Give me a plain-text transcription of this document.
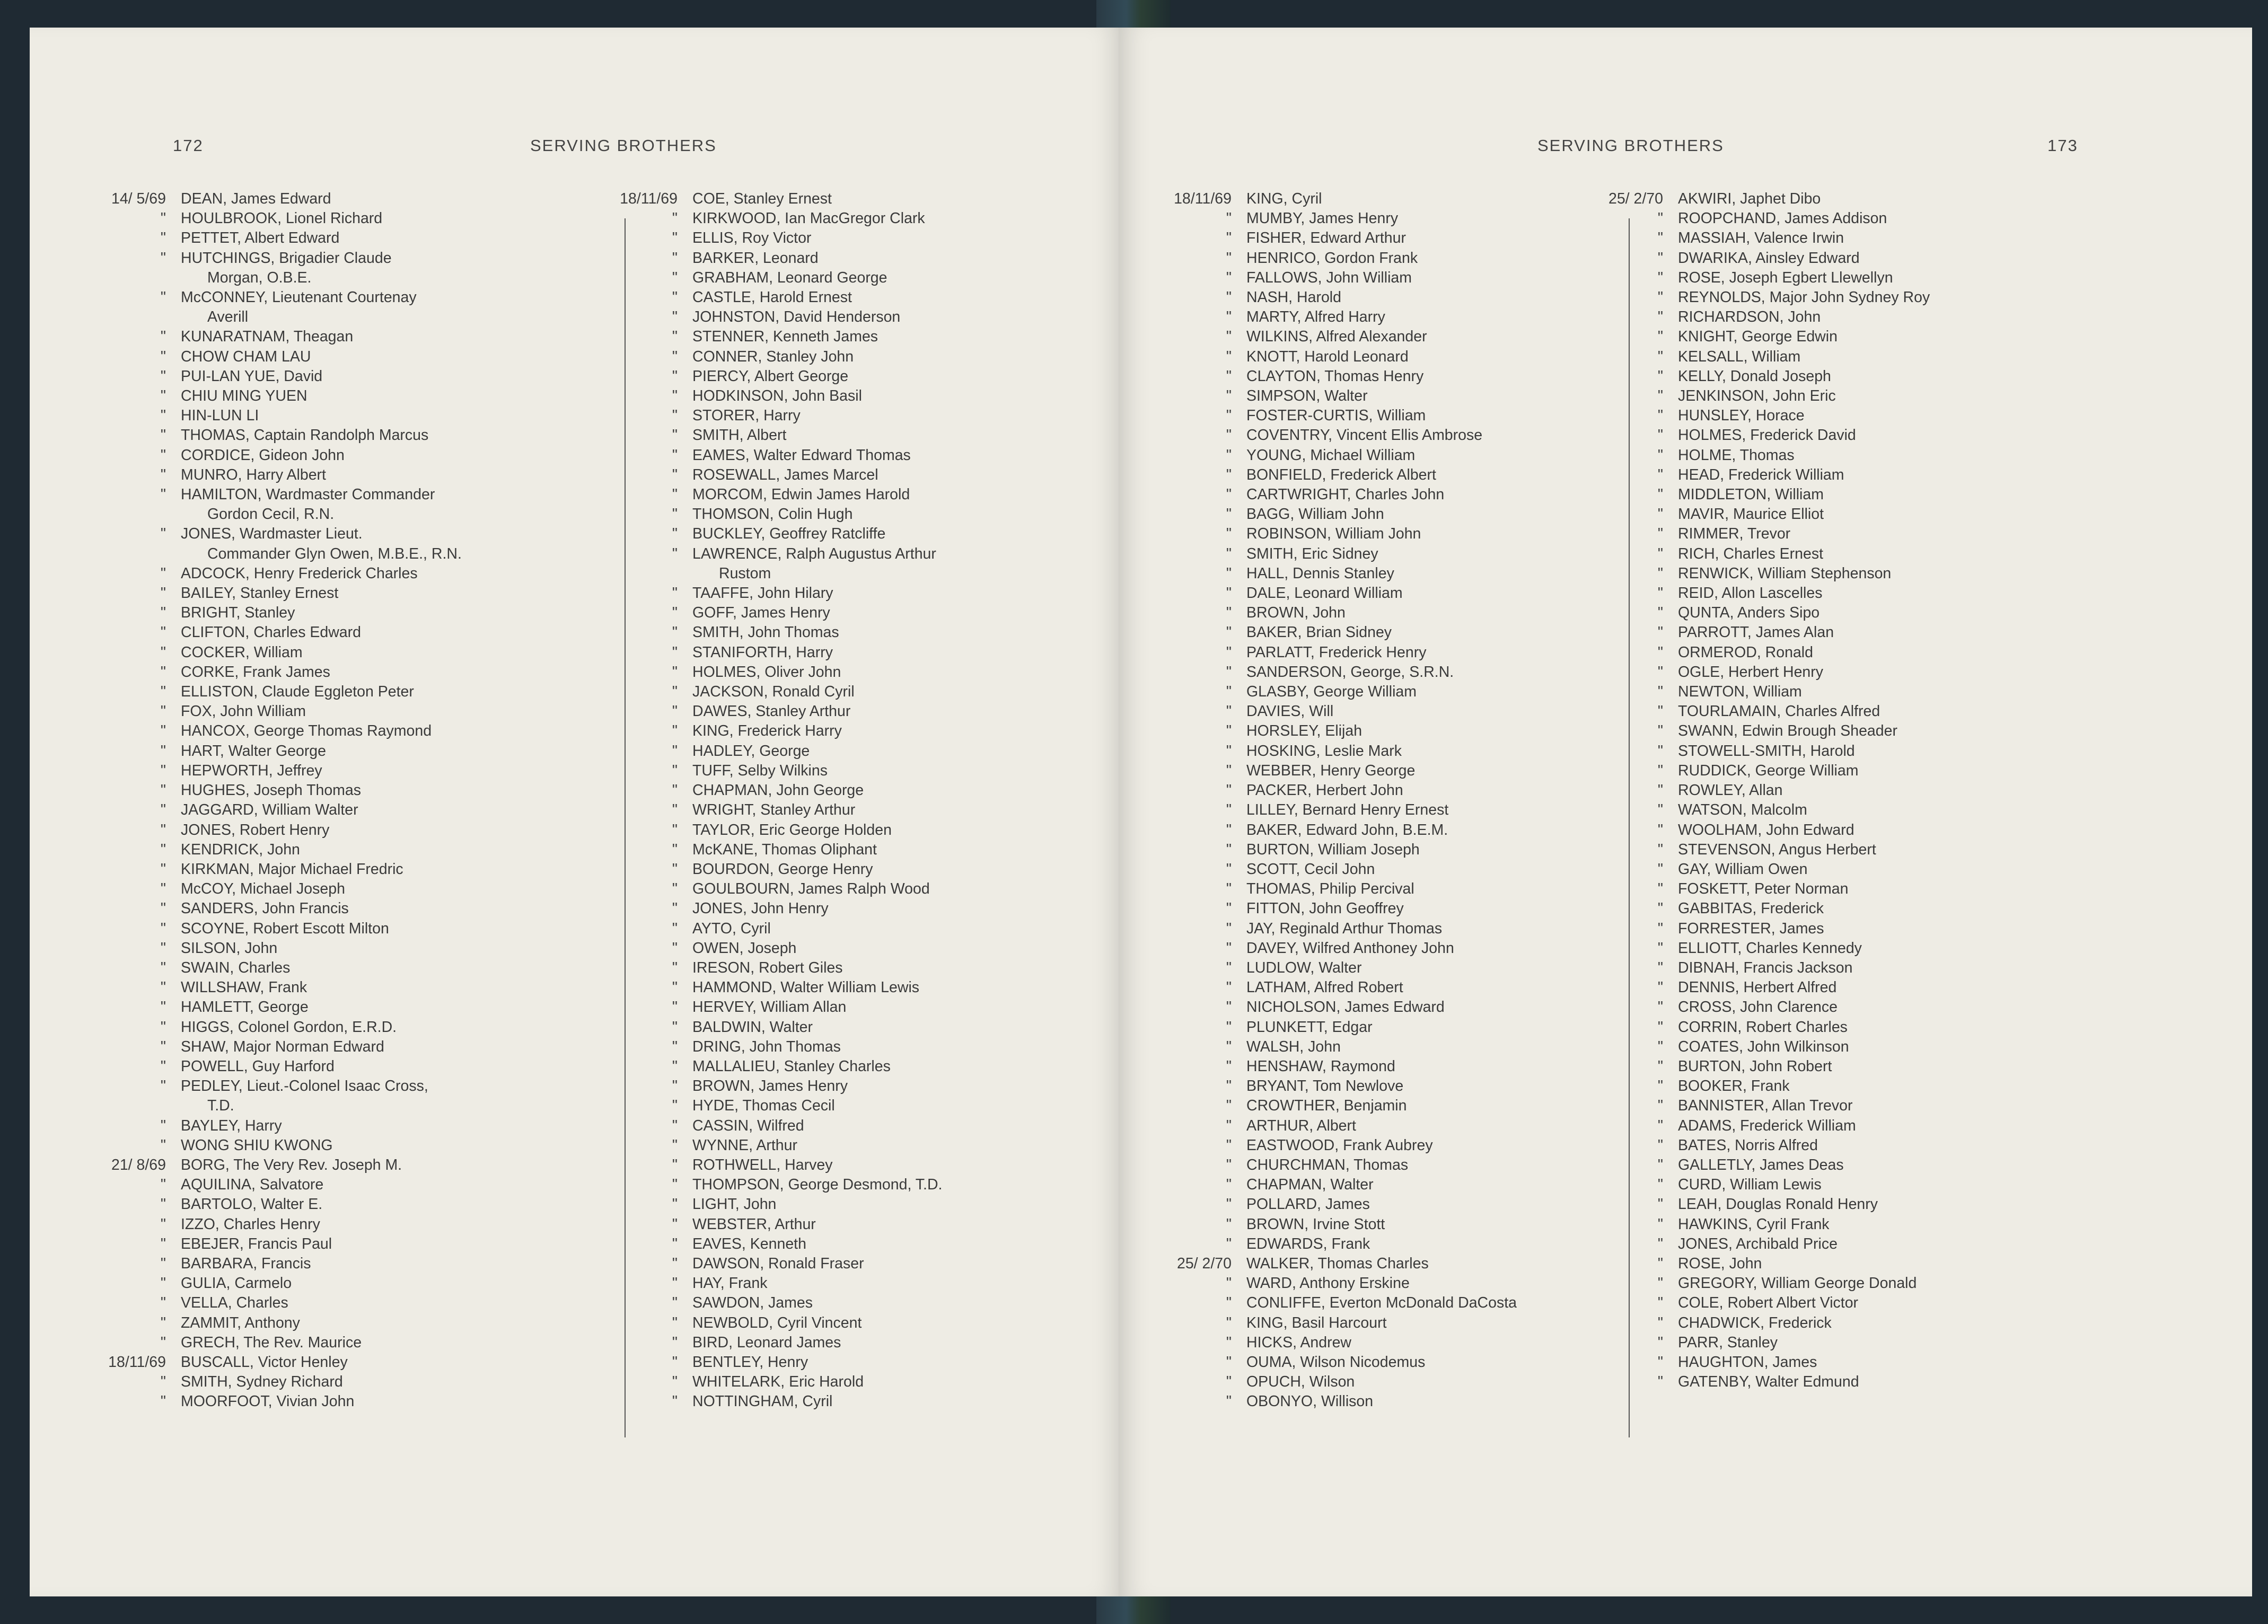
172	SERVING BROTHERS
14/ 5/69 DEAN, James Edward
" HOULBROOK, Lionel Richard
" PETTET, Albert Edward
" HUTCHINGS, Brigadier Claude
Morgan, O.B.E.
" McCONNEY, Lieutenant Courtenay
Averill
" KUNARATNAM, Theagan
" CHOW CHAM LAU
" PUI-LAN YUE, David
" CHIU MING YUEN
" HIN-LUN LI
" THOMAS, Captain Randolph Marcus
" CORDICE, Gideon John
" MUNRO, Harry Albert
" HAMILTON, Wardmaster Commander
Gordon Cecil, R.N.
" JONES, Wardmaster Lieut.
Commander Glyn Owen, M.B.E., R.N.
" ADCOCK, Henry Frederick Charles
" BAILEY, Stanley Ernest
" BRIGHT, Stanley
" CLIFTON, Charles Edward
" COCKER, William
" CORKE, Frank James
" ELLISTON, Claude Eggleton Peter
" FOX, John William
" HANCOX, George Thomas Raymond
" HART, Walter George
" HEPWORTH, Jeffrey
" HUGHES, Joseph Thomas
" JAGGARD, William Walter
" JONES, Robert Henry
" KENDRICK, John
" KIRKMAN, Major Michael Fredric
" McCOY, Michael Joseph
" SANDERS, John Francis
" SCOYNE, Robert Escott Milton
" SILSON, John
" SWAIN, Charles
" WILLSHAW, Frank
" HAMLETT, George
" HIGGS, Colonel Gordon, E.R.D.
" SHAW, Major Norman Edward
" POWELL, Guy Harford
" PEDLEY, Lieut.-Colonel Isaac Cross,
T.D.
" BAYLEY, Harry
" WONG SHIU KWONG
21/ 8/69 BORG, The Very Rev. Joseph M.
" AQUILINA, Salvatore
" BARTOLO, Walter E.
" IZZO, Charles Henry
" EBEJER, Francis Paul
" BARBARA, Francis
" GULIA, Carmelo
" VELLA, Charles
" ZAMMIT, Anthony
" GRECH, The Rev. Maurice
18/11/69 BUSCALL, Victor Henley
" SMITH, Sydney Richard
" MOORFOOT, Vivian John
18/11/69 COE, Stanley Ernest
" KIRKWOOD, Ian MacGregor Clark
" ELLIS, Roy Victor
" BARKER, Leonard
" GRABHAM, Leonard George
" CASTLE, Harold Ernest
" JOHNSTON, David Henderson
" STENNER, Kenneth James
" CONNER, Stanley John
" PIERCY, Albert George
" HODKINSON, John Basil
" STORER, Harry
" SMITH, Albert
" EAMES, Walter Edward Thomas
" ROSEWALL, James Marcel
" MORCOM, Edwin James Harold
" THOMSON, Colin Hugh
" BUCKLEY, Geoffrey Ratcliffe
" LAWRENCE, Ralph Augustus Arthur
Rustom
" TAAFFE, John Hilary
" GOFF, James Henry
" SMITH, John Thomas
" STANIFORTH, Harry
" HOLMES, Oliver John
" JACKSON, Ronald Cyril
" DAWES, Stanley Arthur
" KING, Frederick Harry
" HADLEY, George
" TUFF, Selby Wilkins
" CHAPMAN, John George
" WRIGHT, Stanley Arthur
" TAYLOR, Eric George Holden
" McKANE, Thomas Oliphant
" BOURDON, George Henry
" GOULBOURN, James Ralph Wood
" JONES, John Henry
" AYTO, Cyril
" OWEN, Joseph
" IRESON, Robert Giles
" HAMMOND, Walter William Lewis
" HERVEY, William Allan
" BALDWIN, Walter
" DRING, John Thomas
" MALLALIEU, Stanley Charles
" BROWN, James Henry
" HYDE, Thomas Cecil
" CASSIN, Wilfred
" WYNNE, Arthur
" ROTHWELL, Harvey
" THOMPSON, George Desmond, T.D.
" LIGHT, John
" WEBSTER, Arthur
" EAVES, Kenneth
" DAWSON, Ronald Fraser
" HAY, Frank
" SAWDON, James
" NEWBOLD, Cyril Vincent
" BIRD, Leonard James
" BENTLEY, Henry
" WHITELARK, Eric Harold
" NOTTINGHAM, Cyril
SERVING BROTHERS	173
18/11/69 KING, Cyril
" MUMBY, James Henry
" FISHER, Edward Arthur
" HENRICO, Gordon Frank
" FALLOWS, John William
" NASH, Harold
" MARTY, Alfred Harry
" WILKINS, Alfred Alexander
" KNOTT, Harold Leonard
" CLAYTON, Thomas Henry
" SIMPSON, Walter
" FOSTER-CURTIS, William
" COVENTRY, Vincent Ellis Ambrose
" YOUNG, Michael William
" BONFIELD, Frederick Albert
" CARTWRIGHT, Charles John
" BAGG, William John
" ROBINSON, William John
" SMITH, Eric Sidney
" HALL, Dennis Stanley
" DALE, Leonard William
" BROWN, John
" BAKER, Brian Sidney
" PARLATT, Frederick Henry
" SANDERSON, George, S.R.N.
" GLASBY, George William
" DAVIES, Will
" HORSLEY, Elijah
" HOSKING, Leslie Mark
" WEBBER, Henry George
" PACKER, Herbert John
" LILLEY, Bernard Henry Ernest
" BAKER, Edward John, B.E.M.
" BURTON, William Joseph
" SCOTT, Cecil John
" THOMAS, Philip Percival
" FITTON, John Geoffrey
" JAY, Reginald Arthur Thomas
" DAVEY, Wilfred Anthoney John
" LUDLOW, Walter
" LATHAM, Alfred Robert
" NICHOLSON, James Edward
" PLUNKETT, Edgar
" WALSH, John
" HENSHAW, Raymond
" BRYANT, Tom Newlove
" CROWTHER, Benjamin
" ARTHUR, Albert
" EASTWOOD, Frank Aubrey
" CHURCHMAN, Thomas
" CHAPMAN, Walter
" POLLARD, James
" BROWN, Irvine Stott
" EDWARDS, Frank
25/ 2/70 WALKER, Thomas Charles
" WARD, Anthony Erskine
" CONLIFFE, Everton McDonald DaCosta
" KING, Basil Harcourt
" HICKS, Andrew
" OUMA, Wilson Nicodemus
" OPUCH, Wilson
" OBONYO, Willison
25/ 2/70 AKWIRI, Japhet Dibo
" ROOPCHAND, James Addison
" MASSIAH, Valence Irwin
" DWARIKA, Ainsley Edward
" ROSE, Joseph Egbert Llewellyn
" REYNOLDS, Major John Sydney Roy
" RICHARDSON, John
" KNIGHT, George Edwin
" KELSALL, William
" KELLY, Donald Joseph
" JENKINSON, John Eric
" HUNSLEY, Horace
" HOLMES, Frederick David
" HOLME, Thomas
" HEAD, Frederick William
" MIDDLETON, William
" MAVIR, Maurice Elliot
" RIMMER, Trevor
" RICH, Charles Ernest
" RENWICK, William Stephenson
" REID, Allon Lascelles
" QUNTA, Anders Sipo
" PARROTT, James Alan
" ORMEROD, Ronald
" OGLE, Herbert Henry
" NEWTON, William
" TOURLAMAIN, Charles Alfred
" SWANN, Edwin Brough Sheader
" STOWELL-SMITH, Harold
" RUDDICK, George William
" ROWLEY, Allan
" WATSON, Malcolm
" WOOLHAM, John Edward
" STEVENSON, Angus Herbert
" GAY, William Owen
" FOSKETT, Peter Norman
" GABBITAS, Frederick
" FORRESTER, James
" ELLIOTT, Charles Kennedy
" DIBNAH, Francis Jackson
" DENNIS, Herbert Alfred
" CROSS, John Clarence
" CORRIN, Robert Charles
" COATES, John Wilkinson
" BURTON, John Robert
" BOOKER, Frank
" BANNISTER, Allan Trevor
" ADAMS, Frederick William
" BATES, Norris Alfred
" GALLETLY, James Deas
" CURD, William Lewis
" LEAH, Douglas Ronald Henry
" HAWKINS, Cyril Frank
" JONES, Archibald Price
" ROSE, John
" GREGORY, William George Donald
" COLE, Robert Albert Victor
" CHADWICK, Frederick
" PARR, Stanley
" HAUGHTON, James
" GATENBY, Walter Edmund
